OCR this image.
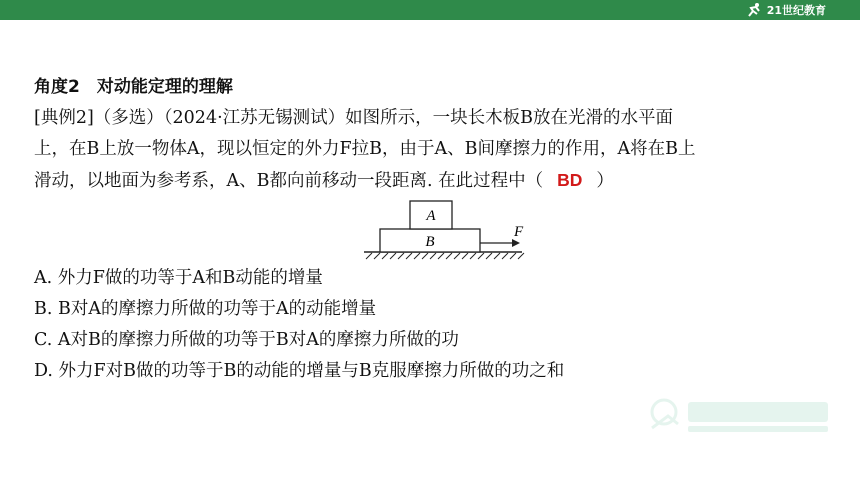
21世纪教育
角度2　对动能定理的理解

[典例2]（多选）（2024·江苏无锡测试）如图所示，一块长木板B放在光滑的水平面

上，在B上放一物体A，现以恒定的外力F拉B，由于A、B间摩擦力的作用，A将在B上

滑动，以地面为参考系，A、B都向前移动一段距离. 在此过程中（ BD ）

A
B
F

A. 外力F做的功等于A和B动能的增量

B. B对A的摩擦力所做的功等于A的动能增量

C. A对B的摩擦力所做的功等于B对A的摩擦力所做的功

D. 外力F对B做的功等于B的动能的增量与B克服摩擦力所做的功之和
